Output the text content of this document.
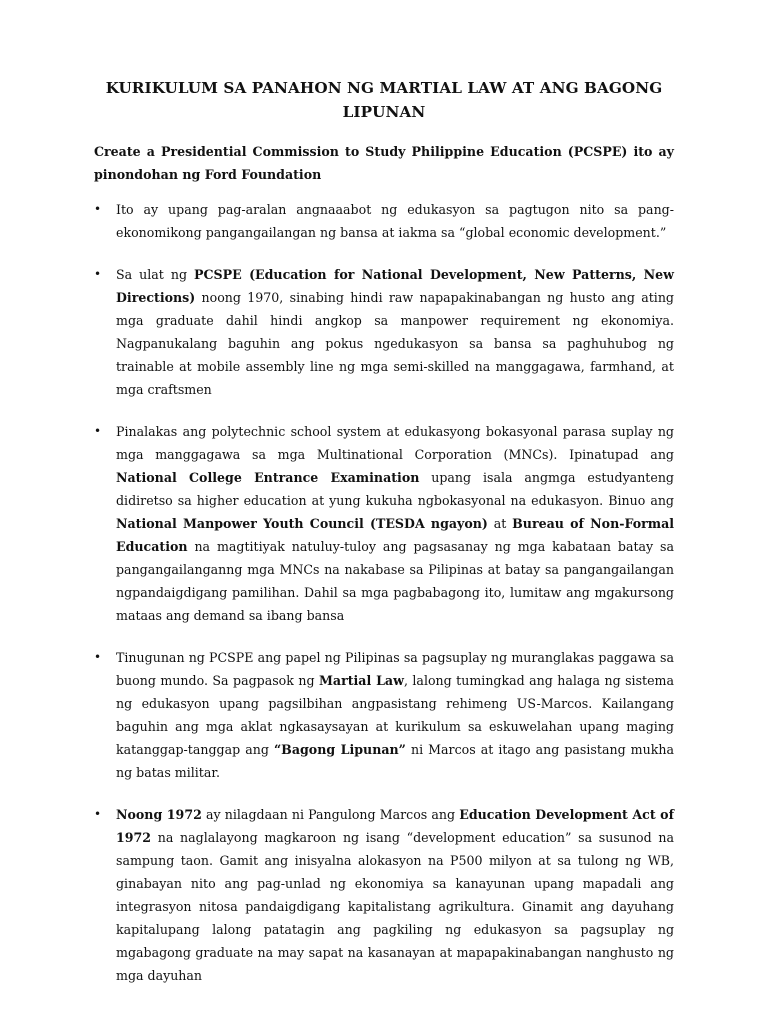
KURIKULUM SA PANAHON NG MARTIAL LAW AT ANG BAGONG LIPUNAN

Create a Presidential Commission to Study Philippine Education (PCSPE) ito ay pinondohan ng Ford Foundation

•	Ito ay upang pag-aralan angnaaabot ng edukasyon sa pagtugon nito sa pang-ekonomikong pangangailangan ng bansa at iakma sa “global economic development.”
•	Sa ulat ng PCSPE (Education for National Development, New Patterns, New Directions) noong 1970, sinabing hindi raw napapakinabangan ng husto ang ating mga graduate dahil hindi angkop sa manpower requirement ng ekonomiya. Nagpanukalang baguhin ang pokus ngedukasyon sa bansa sa paghuhubog ng trainable at mobile assembly line ng mga semi-skilled na manggagawa, farmhand, at mga craftsmen
•	Pinalakas ang polytechnic school system at edukasyong bokasyonal parasa suplay ng mga manggagawa sa mga Multinational Corporation (MNCs). Ipinatupad ang National College Entrance Examination upang isala angmga estudyanteng didiretso sa higher education at yung kukuha ngbokasyonal na edukasyon. Binuo ang National Manpower Youth Council (TESDA ngayon) at Bureau of Non-Formal Education na magtitiyak natuluy-tuloy ang pagsasanay ng mga kabataan batay sa pangangailanganng mga MNCs na nakabase sa Pilipinas at batay sa pangangailangan ngpandaigdigang pamilihan. Dahil sa mga pagbabagong ito, lumitaw ang mgakursong mataas ang demand sa ibang bansa
•	Tinugunan ng PCSPE ang papel ng Pilipinas sa pagsuplay ng muranglakas paggawa sa buong mundo. Sa pagpasok ng Martial Law, lalong tumingkad ang halaga ng sistema ng edukasyon upang pagsilbihan angpasistang rehimeng US-Marcos. Kailangang baguhin ang mga aklat ngkasaysayan at kurikulum sa eskuwelahan upang maging katanggap-tanggap ang “Bagong Lipunan” ni Marcos at itago ang pasistang mukha ng batas militar.
•	Noong 1972 ay nilagdaan ni Pangulong Marcos ang Education Development Act of 1972 na naglalayong magkaroon ng isang “development education” sa susunod na sampung taon. Gamit ang inisyalna alokasyon na P500 milyon at sa tulong ng WB, ginabayan nito ang pag-unlad ng ekonomiya sa kanayunan upang mapadali ang integrasyon nitosa pandaigdigang kapitalistang agrikultura. Ginamit ang dayuhang kapitalupang lalong patatagin ang pagkiling ng edukasyon sa pagsuplay ng mgabagong graduate na may sapat na kasanayan at mapapakinabangan nanghusto ng mga dayuhan
